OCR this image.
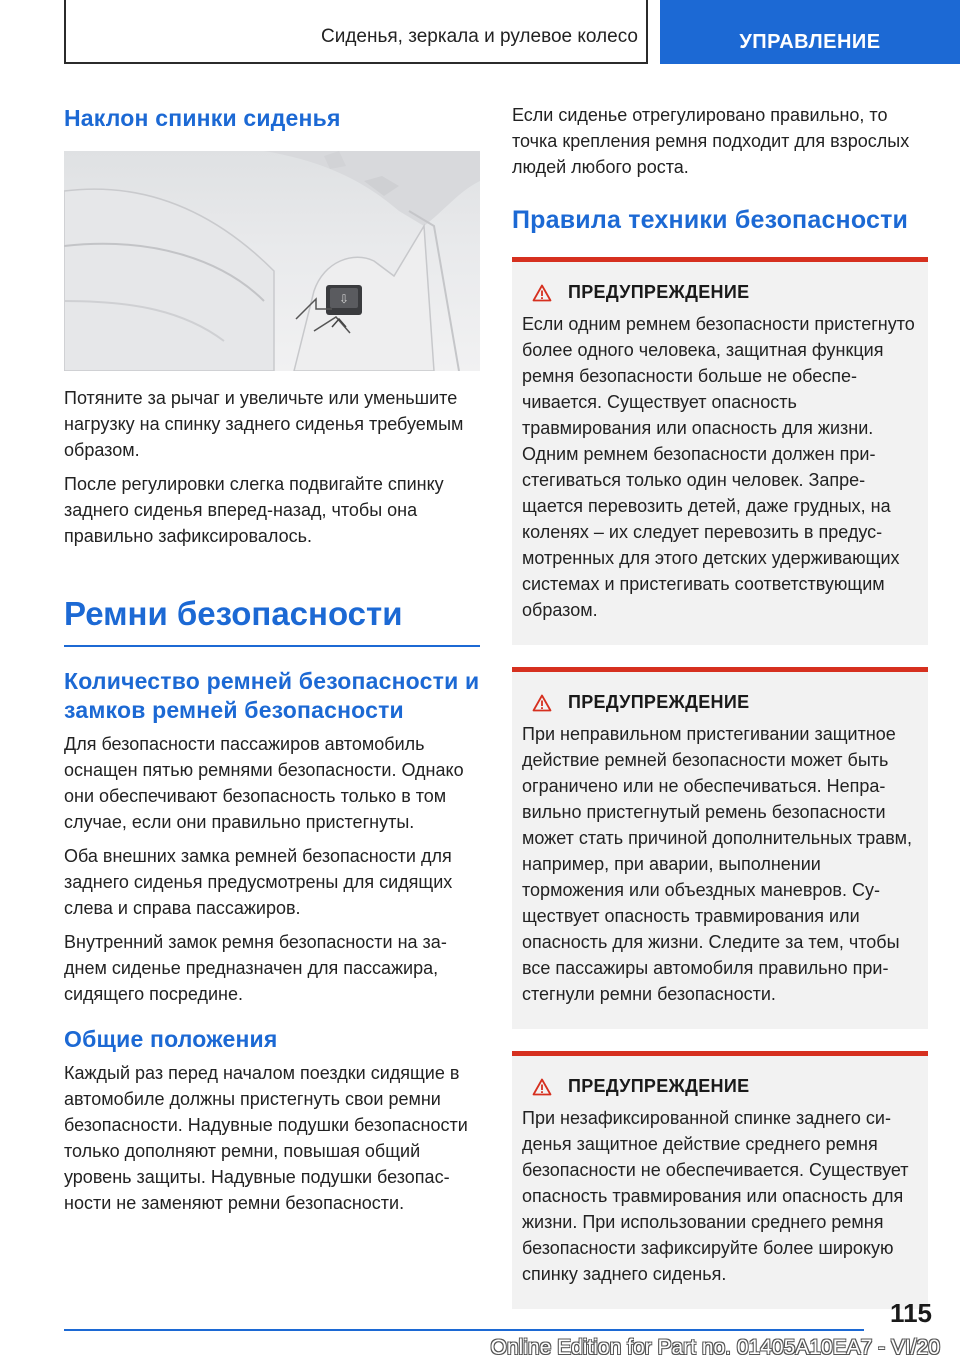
Сиденья, зеркала и рулевое колесо	УПРАВЛЕНИЕ
Наклон спинки сиденья
⇩

Потяните за рычаг и увеличьте или уменьшите нагрузку на спинку заднего сиденья требуемым образом.

После регулировки слегка подвигайте спинку заднего сиденья вперед-назад, чтобы она правильно зафиксировалось.

Ремни безопасности
Количество ремней безопасности и замков ремней безопасности

Для безопасности пассажиров автомобиль оснащен пятью ремнями безопасности. Однако они обеспечивают безопасность только в том случае, если они правильно пристегнуты.

Оба внешних замка ремней безопасности для заднего сиденья предусмотрены для сидящих слева и справа пассажиров.

Внутренний замок ремня безопасности на заднем сиденье предназначен для пассажира, сидящего посредине.

Общие положения

Каждый раз перед началом поездки сидящие в автомобиле должны пристегнуть свои ремни безопасности. Надувные подушки безопасности только дополняют ремни, повышая общий уровень защиты. Надувные подушки безопасности не заменяют ремни безопасности.

Если сиденье отрегулировано правильно, то точка крепления ремня подходит для взрослых людей любого роста.

Правила техники безопасности
ПРЕДУПРЕЖДЕНИЕ

Если одним ремнем безопасности пристегнуто более одного человека, защитная функция ремня безопасности больше не обеспечивается. Существует опасность травмирования или опасность для жизни. Одним ремнем безопасности должен пристегиваться только один человек. Запрещается перевозить детей, даже грудных, на коленях – их следует перевозить в предусмотренных для этого детских удерживающих системах и пристегивать соответствующим образом.

ПРЕДУПРЕЖДЕНИЕ

При неправильном пристегивании защитное действие ремней безопасности может быть ограничено или не обеспечиваться. Неправильно пристегнутый ремень безопасности может стать причиной дополнительных травм, например, при аварии, выполнении торможения или объездных маневров. Существует опасность травмирования или опасность для жизни. Следите за тем, чтобы все пассажиры автомобиля правильно пристегнули ремни безопасности.

ПРЕДУПРЕЖДЕНИЕ

При незафиксированной спинке заднего сиденья защитное действие среднего ремня безопасности не обеспечивается. Существует опасность травмирования или опасность для жизни. При использовании среднего ремня безопасности зафиксируйте более широкую спинку заднего сиденья.

115
Online Edition for Part no. 01405A10EA7 - VI/20
